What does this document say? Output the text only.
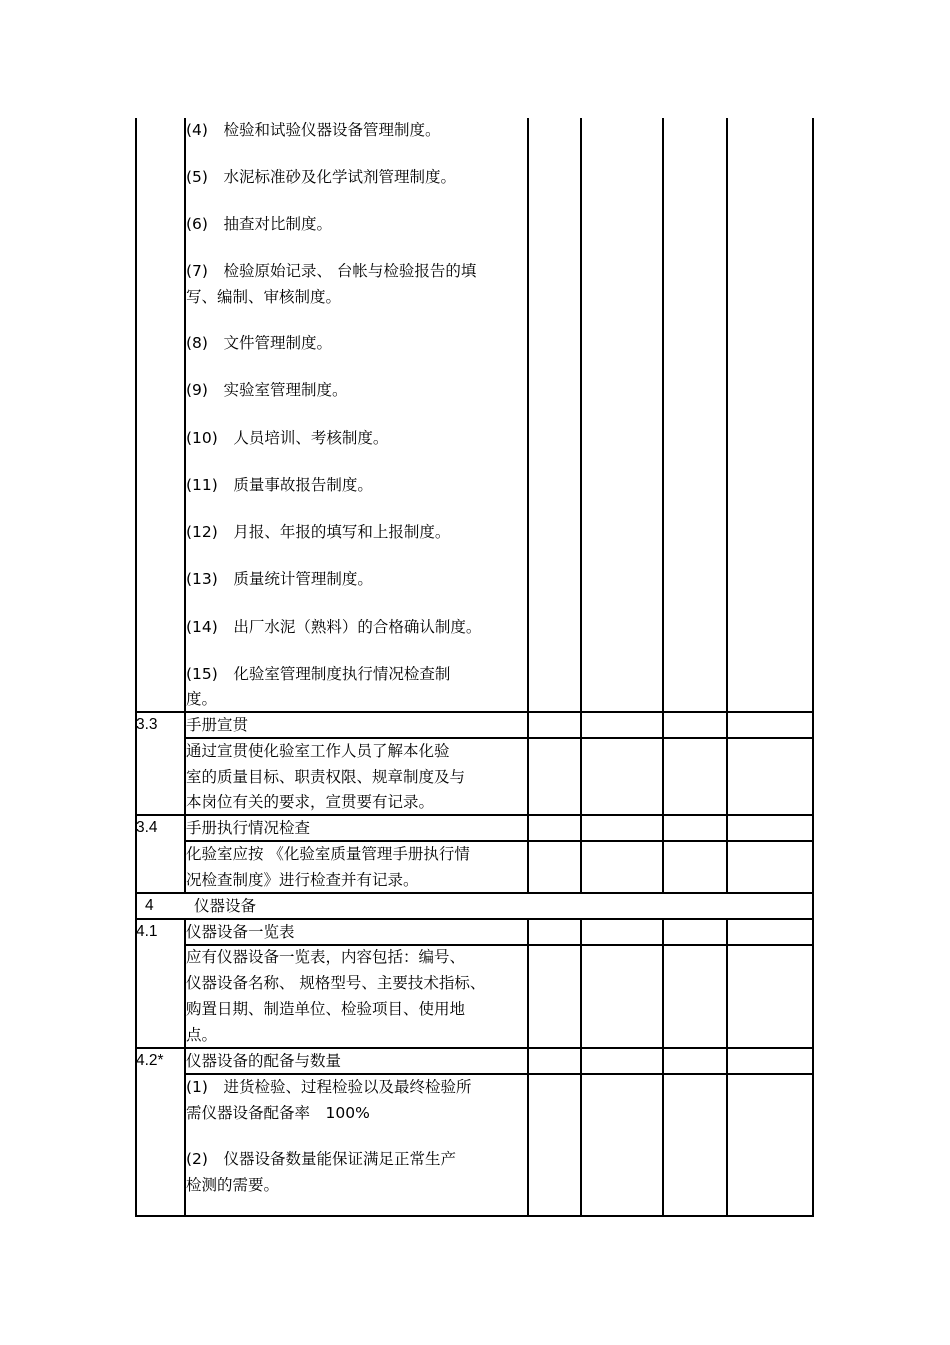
(4)　检验和试验仪器设备管理制度。
(5)　水泥标准砂及化学试剂管理制度。
(6)　抽查对比制度。
(7)　检验原始记录、 台帐与检验报告的填
写、编制、审核制度。
(8)　文件管理制度。
(9)　实验室管理制度。
(10)　人员培训、考核制度。
(11)　质量事故报告制度。
(12)　月报、年报的填写和上报制度。
(13)　质量统计管理制度。
(14)　出厂水泥（熟料）的合格确认制度。
(15)　化验室管理制度执行情况检查制
度。
3.3 手册宣贯
通过宣贯使化验室工作人员了解本化验
室的质量目标、职责权限、规章制度及与
本岗位有关的要求，宣贯要有记录。
3.4 手册执行情况检查
化验室应按 《化验室质量管理手册执行情
况检查制度》进行检查并有记录。
4	仪器设备
4.1 仪器设备一览表
应有仪器设备一览表，内容包括：编号、
仪器设备名称、 规格型号、主要技术指标、
购置日期、制造单位、检验项目、使用地
点。
4.2* 仪器设备的配备与数量
(1)　进货检验、过程检验以及最终检验所
需仪器设备配备率　100%
(2)　仪器设备数量能保证满足正常生产
检测的需要。
